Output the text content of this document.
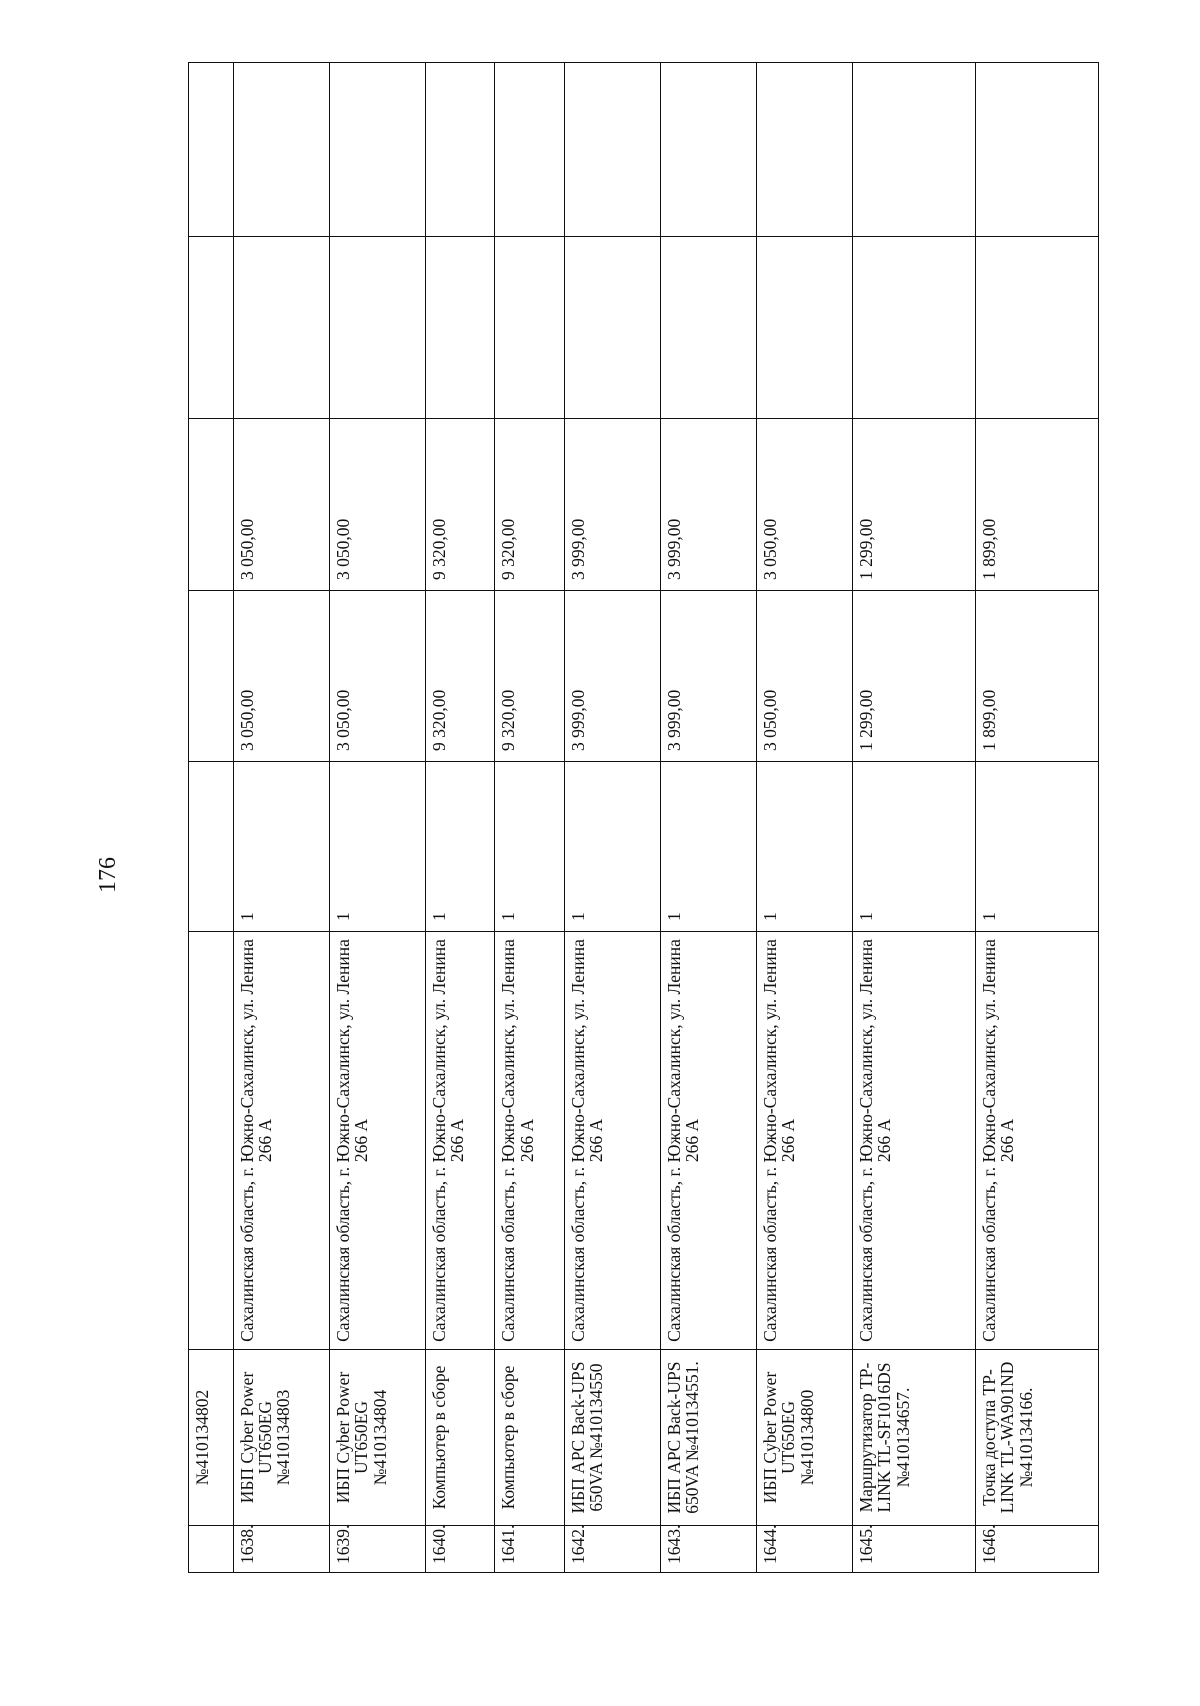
176
	№410134802						
1638.	ИБП Cyber Power UT650EG №410134803	Сахалинская область, г. Южно-Сахалинск, ул. Ленина 266 А	1	3 050,00	3 050,00		
1639.	ИБП Cyber Power UT650EG №410134804	Сахалинская область, г. Южно-Сахалинск, ул. Ленина 266 А	1	3 050,00	3 050,00		
1640.	Компьютер в сборе	Сахалинская область, г. Южно-Сахалинск, ул. Ленина 266 А	1	9 320,00	9 320,00		
1641.	Компьютер в сборе	Сахалинская область, г. Южно-Сахалинск, ул. Ленина 266 А	1	9 320,00	9 320,00		
1642.	ИБП APC Back-UPS 650VA №410134550	Сахалинская область, г. Южно-Сахалинск, ул. Ленина 266 А	1	3 999,00	3 999,00		
1643.	ИБП APC Back-UPS 650VA №410134551.	Сахалинская область, г. Южно-Сахалинск, ул. Ленина 266 А	1	3 999,00	3 999,00		
1644.	ИБП Cyber Power UT650EG №410134800	Сахалинская область, г. Южно-Сахалинск, ул. Ленина 266 А	1	3 050,00	3 050,00		
1645.	Маршрутизатор TP-LINK TL-SF1016DS №410134657.	Сахалинская область, г. Южно-Сахалинск, ул. Ленина 266 А	1	1 299,00	1 299,00		
1646.	Точка доступа TP-LINK TL-WA901ND №410134166.	Сахалинская область, г. Южно-Сахалинск, ул. Ленина 266 А	1	1 899,00	1 899,00		
